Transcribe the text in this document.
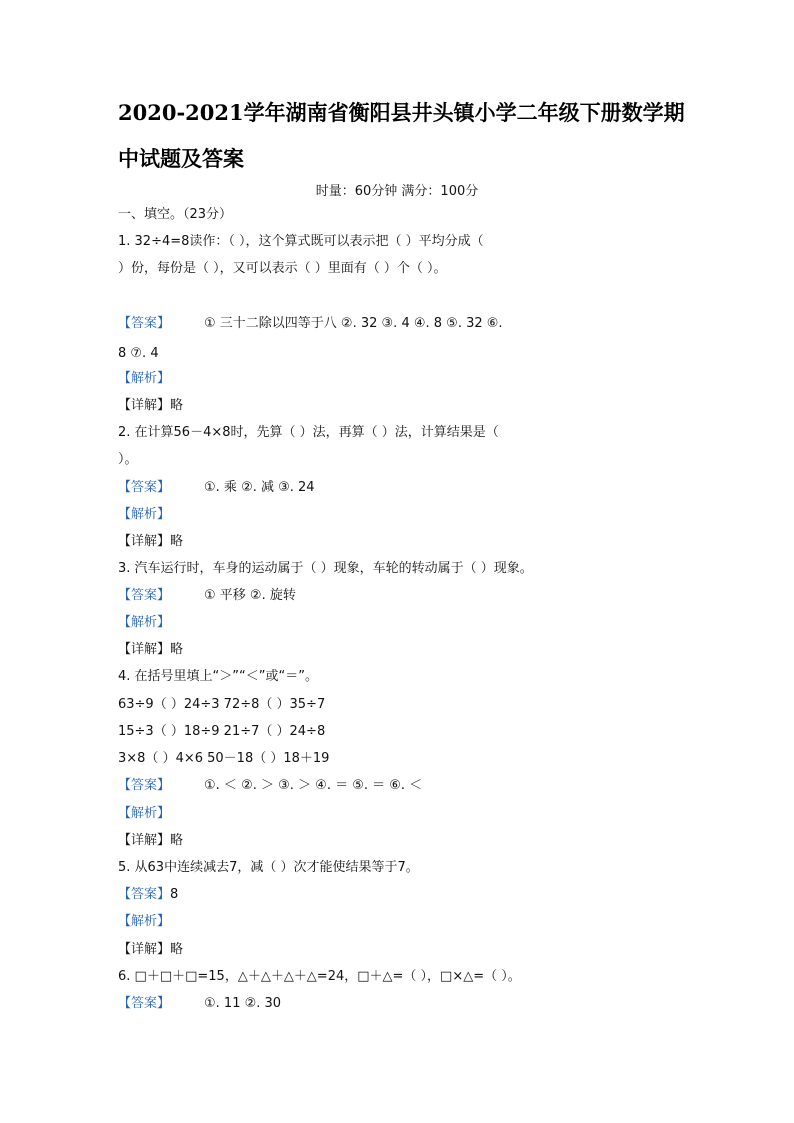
2020-2021学年湖南省衡阳县井头镇小学二年级下册数学期
中试题及答案
时量：60分钟 满分：100分
一、填空。（23分）
1. 32÷4=8读作：（ ），这个算式既可以表示把（ ）平均分成（
）份，每份是（ ），又可以表示（ ）里面有（ ）个（ ）。
【答案】	① 三十二除以四等于八 ②. 32 ③. 4 ④. 8 ⑤. 32 ⑥.
8 ⑦. 4
【解析】
【详解】略
2. 在计算56－4×8时，先算（ ）法，再算（ ）法，计算结果是（
）。
【答案】	①. 乘 ②. 减 ③. 24
【解析】
【详解】略
3. 汽车运行时，车身的运动属于（ ）现象，车轮的转动属于（ ）现象。
【答案】	① 平移 ②. 旋转
【解析】
【详解】略
4. 在括号里填上“＞”“＜”或“＝”。
63÷9（ ）24÷3 72÷8（ ）35÷7
15÷3（ ）18÷9 21÷7（ ）24÷8
3×8（ ）4×6 50－18（ ）18＋19
【答案】	①. ＜ ②. ＞ ③. ＞ ④. ＝ ⑤. ＝ ⑥. ＜
【解析】
【详解】略
5. 从63中连续减去7，减（ ）次才能使结果等于7。
【答案】8
【解析】
【详解】略
6. □＋□＋□=15，△＋△＋△＋△=24，□＋△=（ ），□×△=（ ）。
【答案】	①. 11 ②. 30
